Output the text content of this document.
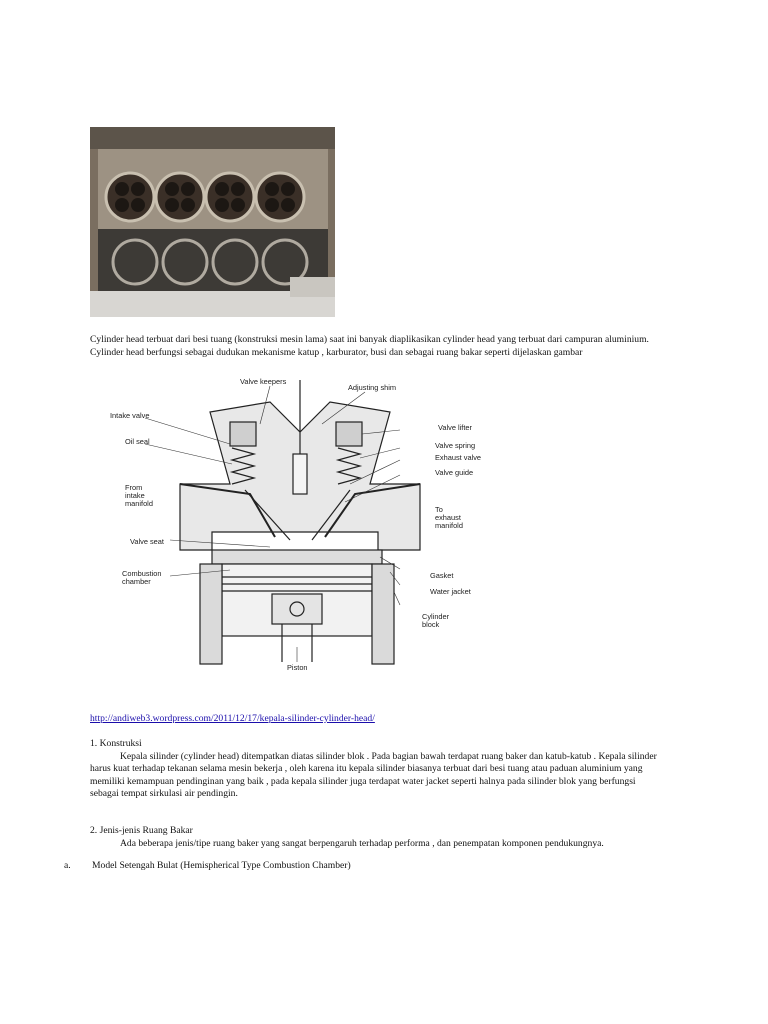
Cylinder head terbuat dari besi tuang (konstruksi mesin lama) saat ini banyak diaplikasikan cylinder head yang terbuat dari campuran aluminium.
Cylinder head berfungsi sebagai dudukan mekanisme katup , karburator, busi dan sebagai ruang bakar seperti dijelaskan gambar
Valve keepers
Adjusting shim
Intake valve
Valve lifter
Oil seal	Valve spring
Exhaust valve
Valve guide
From
intake
manifold
To
exhaust
manifold
Valve seat
Combustion
chamber
Gasket
Water jacket
Cylinder
block
Piston
http://andiweb3.wordpress.com/2011/12/17/kepala-silinder-cylinder-head/
1. Konstruksi
Kepala silinder (cylinder head) ditempatkan diatas silinder blok . Pada bagian bawah terdapat ruang baker dan katub-katub . Kepala silinder
harus kuat terhadap tekanan selama mesin bekerja , oleh karena itu kepala silinder biasanya terbuat dari besi tuang atau paduan aluminium yang
memiliki kemampuan pendinginan yang baik , pada kepala silinder juga terdapat water jacket seperti halnya pada silinder blok yang berfungsi
sebagai tempat sirkulasi air pendingin.
2. Jenis-jenis Ruang Bakar
Ada beberapa jenis/tipe ruang baker yang sangat berpengaruh terhadap performa , dan penempatan komponen pendukungnya.
a. Model Setengah Bulat (Hemispherical Type Combustion Chamber)
